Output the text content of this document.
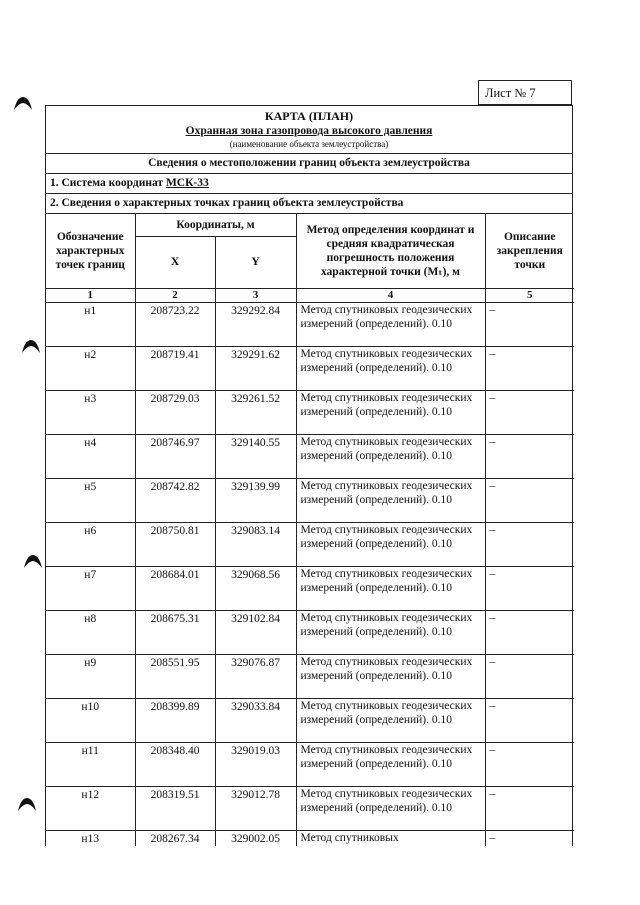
Лист № 7
КАРТА (ПЛАН)
Охранная зона газопровода высокого давления
(наименование объекта землеустройства)
Сведения о местоположении границ объекта землеустройства
1. Система координат МСК-33
2. Сведения о характерных точках границ объекта землеустройства
Обозначение характерных точек границ	Координаты, м		Метод определения координат и средняя квадратическая погрешность положения характерной точки (Mₜ), м	Описание закрепления точки
	X	Y		
1	2	3	4	5
н1	208723.22	329292.84	Метод спутниковых геодезических измерений (определений). 0.10	–
н2	208719.41	329291.62	Метод спутниковых геодезических измерений (определений). 0.10	–
н3	208729.03	329261.52	Метод спутниковых геодезических измерений (определений). 0.10	–
н4	208746.97	329140.55	Метод спутниковых геодезических измерений (определений). 0.10	–
н5	208742.82	329139.99	Метод спутниковых геодезических измерений (определений). 0.10	–
н6	208750.81	329083.14	Метод спутниковых геодезических измерений (определений). 0.10	–
н7	208684.01	329068.56	Метод спутниковых геодезических измерений (определений). 0.10	–
н8	208675.31	329102.84	Метод спутниковых геодезических измерений (определений). 0.10	–
н9	208551.95	329076.87	Метод спутниковых геодезических измерений (определений). 0.10	–
н10	208399.89	329033.84	Метод спутниковых геодезических измерений (определений). 0.10	–
н11	208348.40	329019.03	Метод спутниковых геодезических измерений (определений). 0.10	–
н12	208319.51	329012.78	Метод спутниковых геодезических измерений (определений). 0.10	–
н13	208267.34	329002.05	Метод спутниковых	–
